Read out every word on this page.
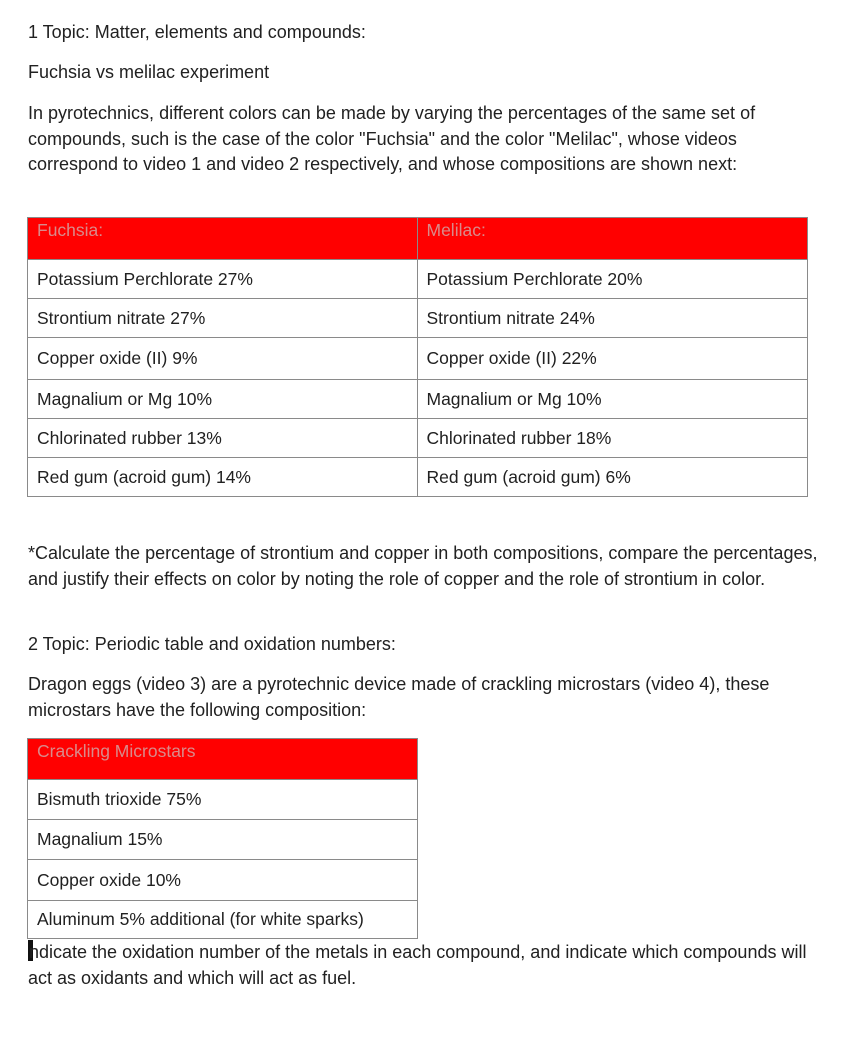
1 Topic: Matter, elements and compounds:

Fuchsia vs melilac experiment

In pyrotechnics, different colors can be made by varying the percentages of the same set of compounds, such is the case of the color "Fuchsia" and the color "Melilac", whose videos correspond to video 1 and video 2 respectively, and whose compositions are shown next:

Fuchsia:	Melilac:
Potassium Perchlorate 27%	Potassium Perchlorate 20%
Strontium nitrate 27%	Strontium nitrate 24%
Copper oxide (II) 9%	Copper oxide (II) 22%
Magnalium or Mg 10%	Magnalium or Mg 10%
Chlorinated rubber 13%	Chlorinated rubber 18%
Red gum (acroid gum) 14%	Red gum (acroid gum) 6%

*Calculate the percentage of strontium and copper in both compositions, compare the percentages, and justify their effects on color by noting the role of copper and the role of strontium in color.

2 Topic: Periodic table and oxidation numbers:

Dragon eggs (video 3) are a pyrotechnic device made of crackling microstars (video 4), these microstars have the following composition:

Crackling Microstars
Bismuth trioxide 75%
Magnalium 15%
Copper oxide 10%
Aluminum 5% additional (for white sparks)

ndicate the oxidation number of the metals in each compound, and indicate which compounds will act as oxidants and which will act as fuel.
